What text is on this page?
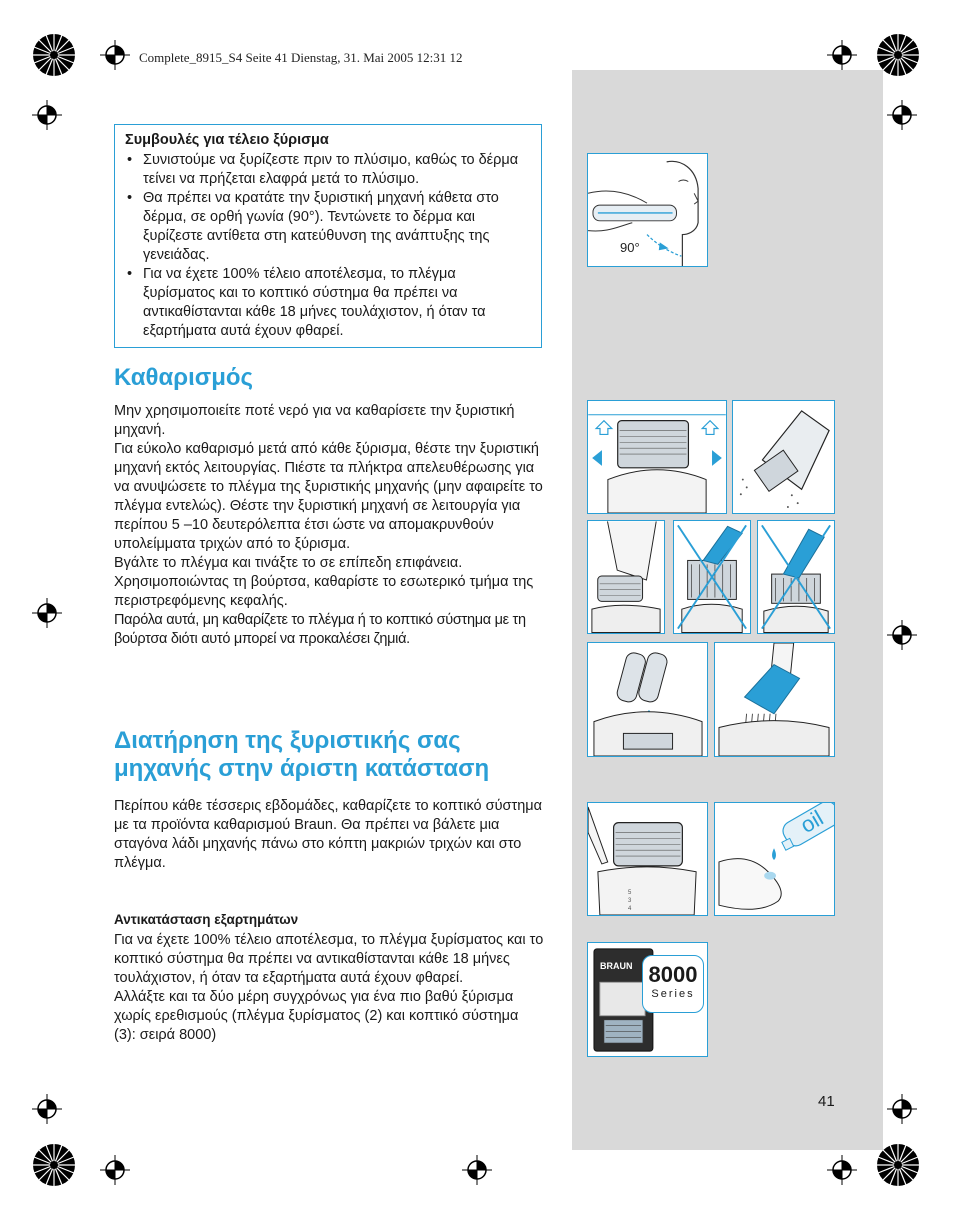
Complete_8915_S4 Seite 41 Dienstag, 31. Mai 2005 12:31 12
Συμβουλές για τέλειο ξύρισμα
• Συνιστούμε να ξυρίζεστε πριν το πλύσιμο, καθώς το δέρμα τείνει να πρήζεται ελαφρά μετά το πλύσιμο.
• Θα πρέπει να κρατάτε την ξυριστική μηχανή κάθετα στο δέρμα, σε ορθή γωνία (90°). Τεντώνετε το δέρμα και ξυρίζεστε αντίθετα στη κατεύθυνση της ανάπτυξης της γενειάδας.
• Για να έχετε 100% τέλειο αποτέλεσμα, το πλέγμα ξυρίσματος και το κοπτικό σύστημα θα πρέπει να αντικαθίστανται κάθε 18 μήνες τουλάχιστον, ή όταν τα εξαρτήματα αυτά έχουν φθαρεί.
Καθαρισμός

Μην χρησιμοποιείτε ποτέ νερό για να καθαρίσετε την ξυριστική μηχανή.

Για εύκολο καθαρισμό μετά από κάθε ξύρισμα, θέστε την ξυριστική μηχανή εκτός λειτουργίας. Πιέστε τα πλήκτρα απελευθέρωσης για να ανυψώσετε το πλέγμα της ξυριστικής μηχανής (μην αφαιρείτε το πλέγμα εντελώς). Θέστε την ξυριστική μηχανή σε λειτουργία για περίπου 5 –10 δευτερόλεπτα έτσι ώστε να απομακρυνθούν υπολείμματα τριχών από το ξύρισμα.

Βγάλτε το πλέγμα και τινάξτε το σε επίπεδη επιφάνεια. Χρησιμοποιώντας τη βούρτσα, καθαρίστε το εσωτερικό τμήμα της περιστρεφόμενης κεφαλής.

Παρόλα αυτά, μη καθαρίζετε το πλέγμα ή το κοπτικό σύστημα με τη βούρτσα διότι αυτό μπορεί να προκαλέσει ζημιά.

Διατήρηση της ξυριστικής σας
μηχανής στην άριστη κατάσταση

Περίπου κάθε τέσσερις εβδομάδες, καθαρίζετε το κοπτικό σύστημα με τα προϊόντα καθαρισμού Braun. Θα πρέπει να βάλετε μια σταγόνα λάδι μηχανής πάνω στο κόπτη μακριών τριχών και στο πλέγμα.

Αντικατάσταση εξαρτημάτων

Για να έχετε 100% τέλειο αποτέλεσμα, το πλέγμα ξυρίσματος και το κοπτικό σύστημα θα πρέπει να αντικαθίστανται κάθε 18 μήνες τουλάχιστον, ή όταν τα εξαρτήματα αυτά έχουν φθαρεί.

Αλλάξτε και τα δύο μέρη συγχρόνως για ένα πιο βαθύ ξύρισμα χωρίς ερεθισμούς (πλέγμα ξυρίσματος (2) και κοπτικό σύστημα (3): σειρά 8000)

41
90°
5
3
4
oil
BRAUN 8000
Series
